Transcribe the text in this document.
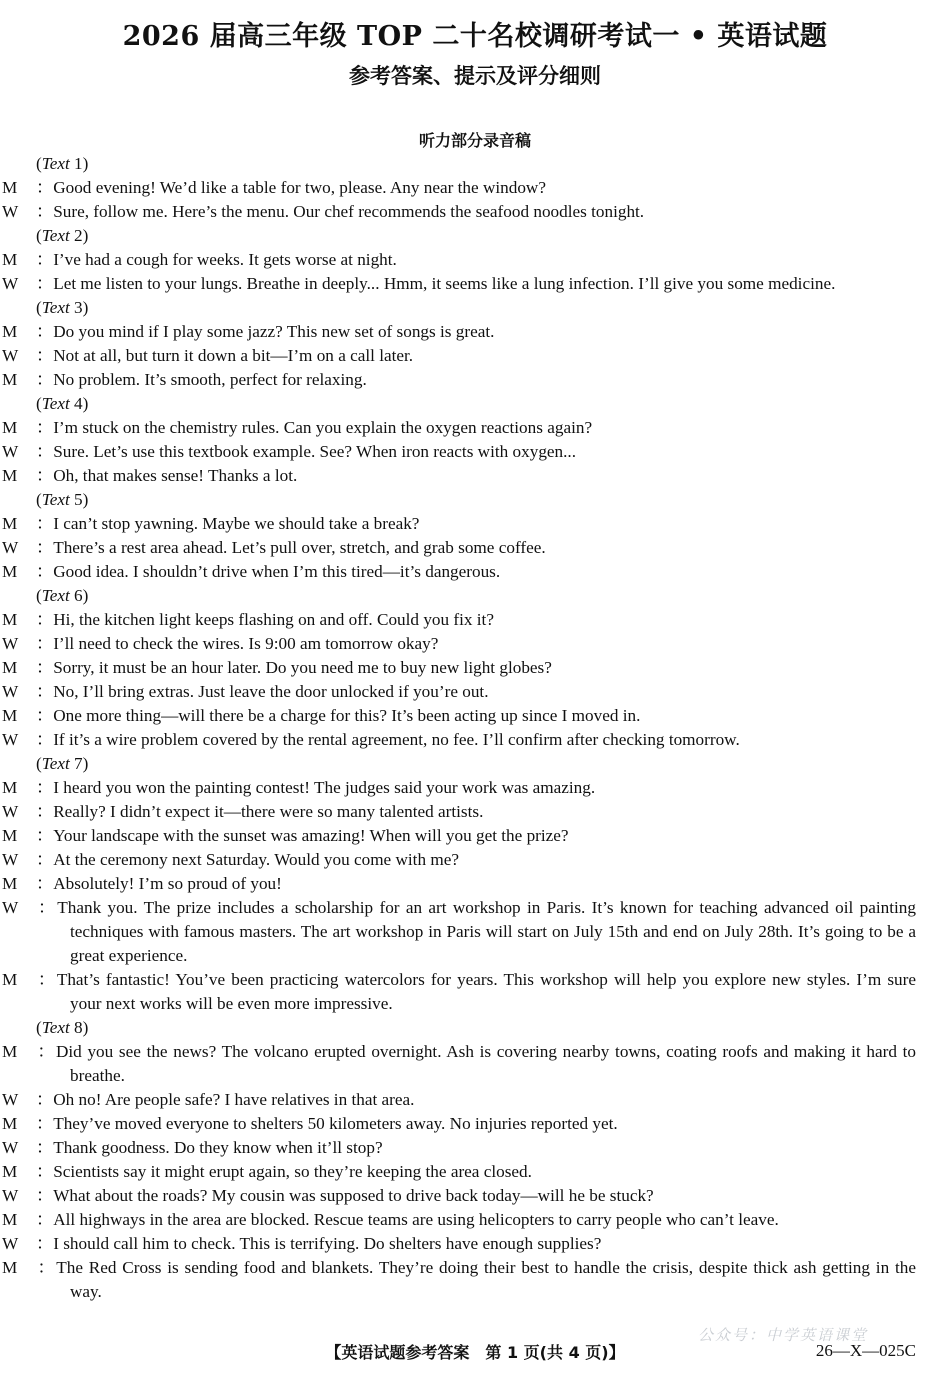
2026 届高三年级 TOP 二十名校调研考试一 • 英语试题
参考答案、提示及评分细则
听力部分录音稿
(Text 1)
M ：Good evening! We’d like a table for two, please. Any near the window?
W ：Sure, follow me. Here’s the menu. Our chef recommends the seafood noodles tonight.
(Text 2)
M ：I’ve had a cough for weeks. It gets worse at night.
W ：Let me listen to your lungs. Breathe in deeply... Hmm, it seems like a lung infection. I’ll give you some medicine.
(Text 3)
M ：Do you mind if I play some jazz? This new set of songs is great.
W ：Not at all, but turn it down a bit—I’m on a call later.
M ：No problem. It’s smooth, perfect for relaxing.
(Text 4)
M ：I’m stuck on the chemistry rules. Can you explain the oxygen reactions again?
W ：Sure. Let’s use this textbook example. See? When iron reacts with oxygen...
M ：Oh, that makes sense! Thanks a lot.
(Text 5)
M ：I can’t stop yawning. Maybe we should take a break?
W ：There’s a rest area ahead. Let’s pull over, stretch, and grab some coffee.
M ：Good idea. I shouldn’t drive when I’m this tired—it’s dangerous.
(Text 6)
M ：Hi, the kitchen light keeps flashing on and off. Could you fix it?
W ：I’ll need to check the wires. Is 9:00 am tomorrow okay?
M ：Sorry, it must be an hour later. Do you need me to buy new light globes?
W ：No, I’ll bring extras. Just leave the door unlocked if you’re out.
M ：One more thing—will there be a charge for this? It’s been acting up since I moved in.
W ：If it’s a wire problem covered by the rental agreement, no fee. I’ll confirm after checking tomorrow.
(Text 7)
M ：I heard you won the painting contest! The judges said your work was amazing.
W ：Really? I didn’t expect it—there were so many talented artists.
M ：Your landscape with the sunset was amazing! When will you get the prize?
W ：At the ceremony next Saturday. Would you come with me?
M ：Absolutely! I’m so proud of you!
W ：Thank you. The prize includes a scholarship for an art workshop in Paris. It’s known for teaching advanced oil painting techniques with famous masters. The art workshop in Paris will start on July 15th and end on July 28th. It’s going to be a great experience.
M ：That’s fantastic! You’ve been practicing watercolors for years. This workshop will help you explore new styles. I’m sure your next works will be even more impressive.
(Text 8)
M ：Did you see the news? The volcano erupted overnight. Ash is covering nearby towns, coating roofs and making it hard to breathe.
W ：Oh no! Are people safe? I have relatives in that area.
M ：They’ve moved everyone to shelters 50 kilometers away. No injuries reported yet.
W ：Thank goodness. Do they know when it’ll stop?
M ：Scientists say it might erupt again, so they’re keeping the area closed.
W ：What about the roads? My cousin was supposed to drive back today—will he be stuck?
M ：All highways in the area are blocked. Rescue teams are using helicopters to carry people who can’t leave.
W ：I should call him to check. This is terrifying. Do shelters have enough supplies?
M ：The Red Cross is sending food and blankets. They’re doing their best to handle the crisis, despite thick ash getting in the way.
公众号：中学英语课堂
【英语试题参考答案　第 1 页(共 4 页)】	26—X—025C
